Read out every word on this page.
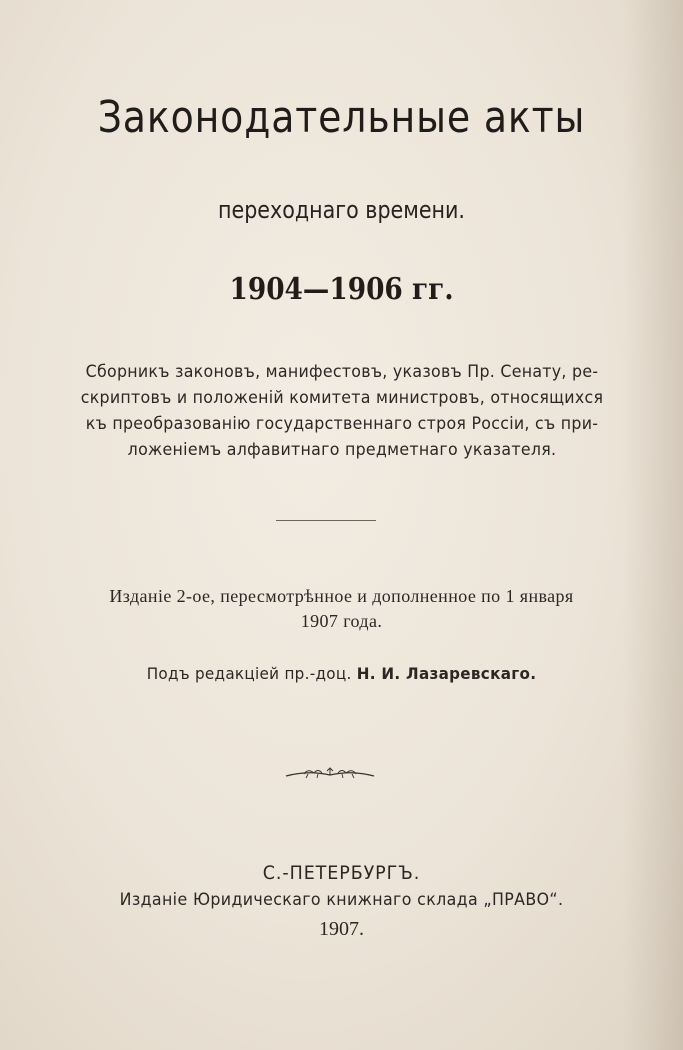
Законодательные акты
переходнаго времени.
1904—1906 гг.
Сборникъ законовъ, манифестовъ, указовъ Пр. Сенату, ре-
скриптовъ и положенiй комитета министровъ, относящихся
къ преобразованiю государственнаго строя Россiи, съ при-
ложенiемъ алфавитнаго предметнаго указателя.
Изданiе 2-ое, пересмотрѣнное и дополненное по 1 января
1907 года.
Подъ редакцiей пр.-доц. Н. И. Лазаревскаго.
С.-ПЕТЕРБУРГЪ.
Изданiе Юридическаго книжнаго склада „ПРАВО“.
1907.
